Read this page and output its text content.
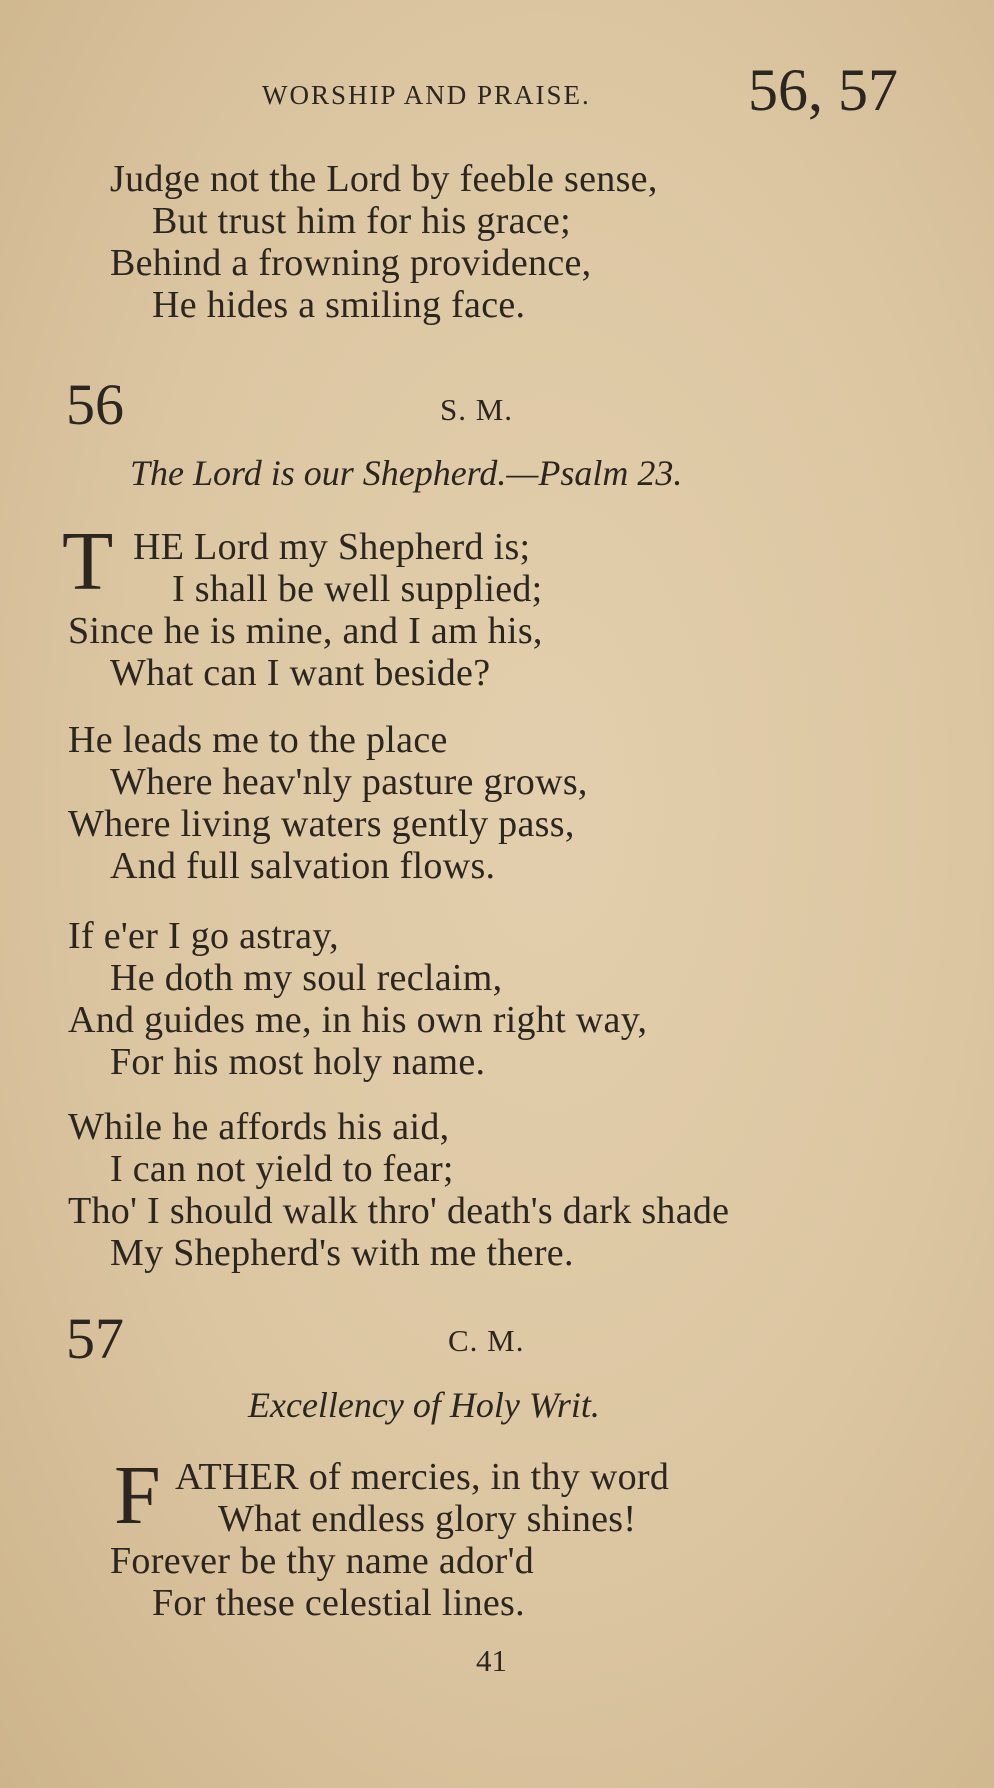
WORSHIP AND PRAISE.	56, 57
Judge not the Lord by feeble sense,
But trust him for his grace;
Behind a frowning providence,
He hides a smiling face.
56	S. M.
The Lord is our Shepherd.—Psalm 23.
T HE Lord my Shepherd is;
I shall be well supplied;
Since he is mine, and I am his,
What can I want beside?
He leads me to the place
Where heav'nly pasture grows,
Where living waters gently pass,
And full salvation flows.
If e'er I go astray,
He doth my soul reclaim,
And guides me, in his own right way,
For his most holy name.
While he affords his aid,
I can not yield to fear;
Tho' I should walk thro' death's dark shade
My Shepherd's with me there.
57	C. M.
Excellency of Holy Writ.
F ATHER of mercies, in thy word
What endless glory shines!
Forever be thy name ador'd
For these celestial lines.
41
